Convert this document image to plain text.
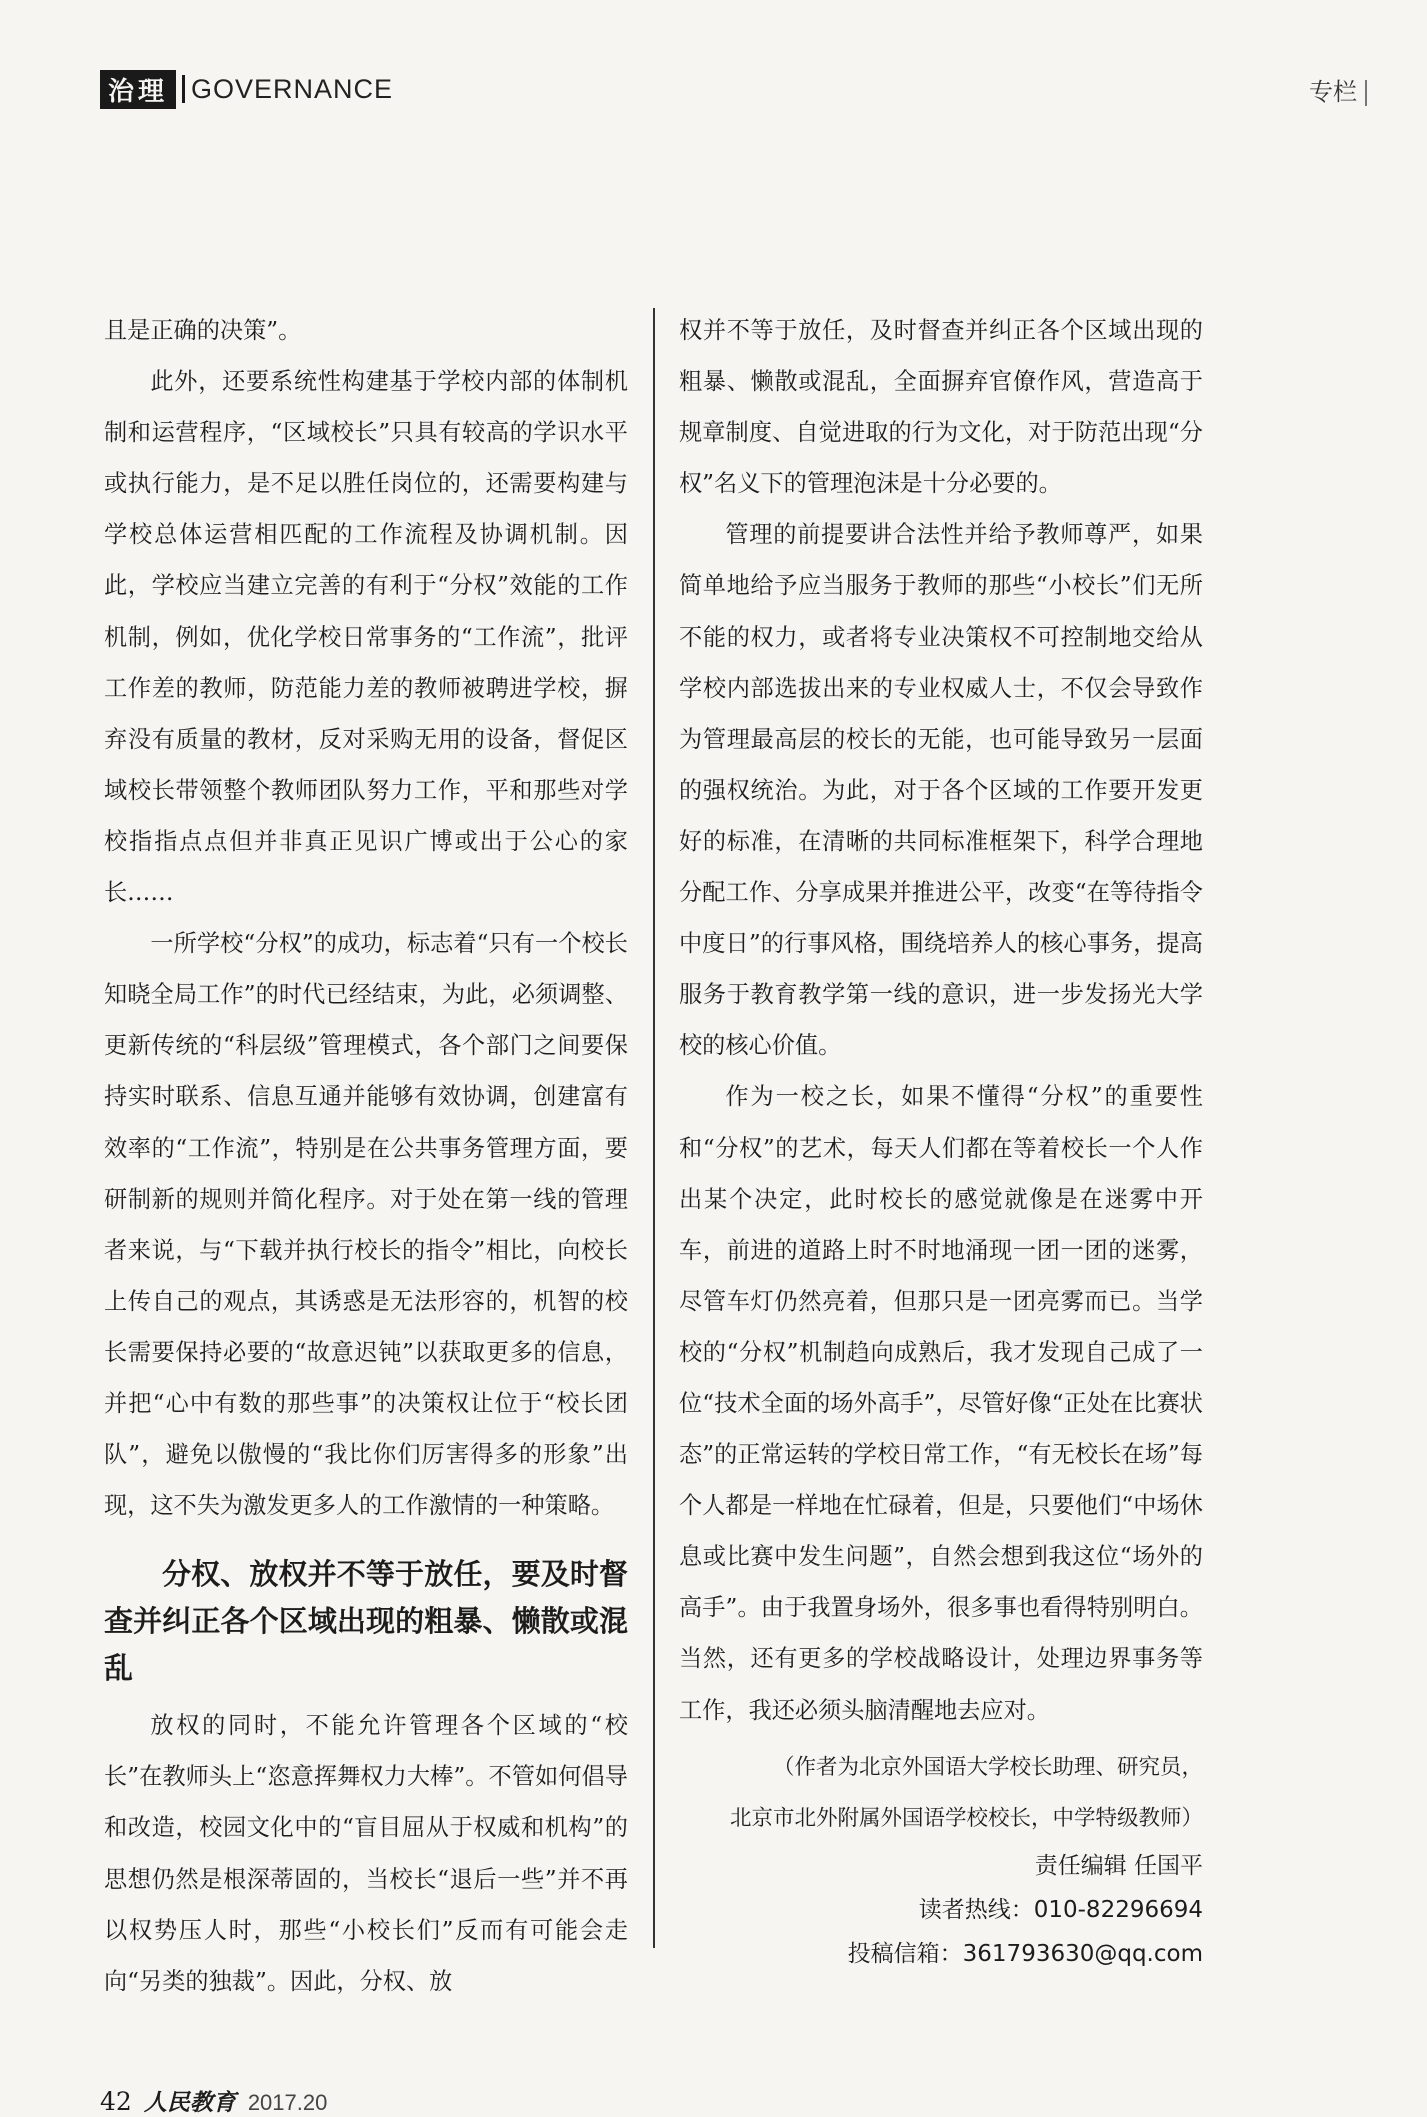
治理 GOVERNANCE	专栏

且是正确的决策”。

此外，还要系统性构建基于学校内部的体制机制和运营程序，“区域校长”只具有较高的学识水平或执行能力，是不足以胜任岗位的，还需要构建与学校总体运营相匹配的工作流程及协调机制。因此，学校应当建立完善的有利于“分权”效能的工作机制，例如，优化学校日常事务的“工作流”，批评工作差的教师，防范能力差的教师被聘进学校，摒弃没有质量的教材，反对采购无用的设备，督促区域校长带领整个教师团队努力工作，平和那些对学校指指点点但并非真正见识广博或出于公心的家长……

一所学校“分权”的成功，标志着“只有一个校长知晓全局工作”的时代已经结束，为此，必须调整、更新传统的“科层级”管理模式，各个部门之间要保持实时联系、信息互通并能够有效协调，创建富有效率的“工作流”，特别是在公共事务管理方面，要研制新的规则并简化程序。对于处在第一线的管理者来说，与“下载并执行校长的指令”相比，向校长上传自己的观点，其诱惑是无法形容的，机智的校长需要保持必要的“故意迟钝”以获取更多的信息，并把“心中有数的那些事”的决策权让位于“校长团队”，避免以傲慢的“我比你们厉害得多的形象”出现，这不失为激发更多人的工作激情的一种策略。

分权、放权并不等于放任，要及时督查并纠正各个区域出现的粗暴、懒散或混乱

放权的同时，不能允许管理各个区域的“校长”在教师头上“恣意挥舞权力大棒”。不管如何倡导和改造，校园文化中的“盲目屈从于权威和机构”的思想仍然是根深蒂固的，当校长“退后一些”并不再以权势压人时，那些“小校长们”反而有可能会走向“另类的独裁”。因此，分权、放

权并不等于放任，及时督查并纠正各个区域出现的粗暴、懒散或混乱，全面摒弃官僚作风，营造高于规章制度、自觉进取的行为文化，对于防范出现“分权”名义下的管理泡沫是十分必要的。

管理的前提要讲合法性并给予教师尊严，如果简单地给予应当服务于教师的那些“小校长”们无所不能的权力，或者将专业决策权不可控制地交给从学校内部选拔出来的专业权威人士，不仅会导致作为管理最高层的校长的无能，也可能导致另一层面的强权统治。为此，对于各个区域的工作要开发更好的标准，在清晰的共同标准框架下，科学合理地分配工作、分享成果并推进公平，改变“在等待指令中度日”的行事风格，围绕培养人的核心事务，提高服务于教育教学第一线的意识，进一步发扬光大学校的核心价值。

作为一校之长，如果不懂得“分权”的重要性和“分权”的艺术，每天人们都在等着校长一个人作出某个决定，此时校长的感觉就像是在迷雾中开车，前进的道路上时不时地涌现一团一团的迷雾，尽管车灯仍然亮着，但那只是一团亮雾而已。当学校的“分权”机制趋向成熟后，我才发现自己成了一位“技术全面的场外高手”，尽管好像“正处在比赛状态”的正常运转的学校日常工作，“有无校长在场”每个人都是一样地在忙碌着，但是，只要他们“中场休息或比赛中发生问题”，自然会想到我这位“场外的高手”。由于我置身场外，很多事也看得特别明白。当然，还有更多的学校战略设计，处理边界事务等工作，我还必须头脑清醒地去应对。

（作者为北京外国语大学校长助理、研究员，
北京市北外附属外国语学校校长，中学特级教师）

责任编辑 任国平

读者热线：010-82296694

投稿信箱：361793630@qq.com

42 人民教育 2017.20
